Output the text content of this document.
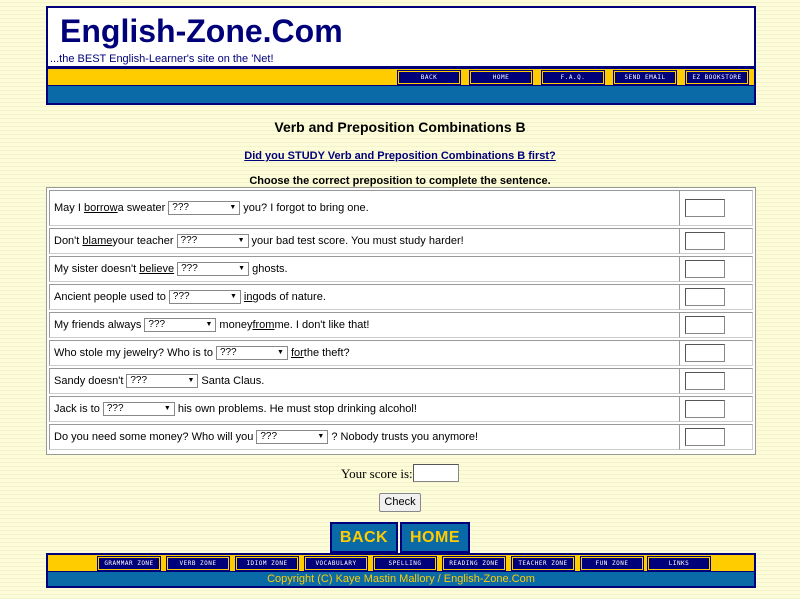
English-Zone.Com
...the BEST English-Learner's site on the 'Net!
BACK	HOME	F.A.Q.	SEND EMAIL	EZ BOOKSTORE
Verb and Preposition Combinations B
Did you STUDY Verb and Preposition Combinations B first?
Choose the correct preposition to complete the sentence.
May I
borrow a sweater ???	▼ you? I forgot to bring one.
Don't
blame your teacher ???	▼ your bad test score. You must study harder!
My sister doesn't
believe ???	▼ ghosts.
Ancient people used to ???	▼ in gods of nature.
My friends always ???	▼ money from me. I don't like that!
Who stole my jewelry? Who is to ???	▼ for the theft?
Sandy doesn't ???	▼ Santa Claus.
Jack is to ???	▼ his own problems. He must stop drinking alcohol!
Do you need some money? Who will you ???	▼ ? Nobody trusts you anymore!
Your score is:
Check
BACK	HOME
GRAMMAR ZONE	VERB ZONE	IDIOM ZONE	VOCABULARY	SPELLING	READING ZONE	TEACHER ZONE	FUN ZONE	LINKS
Copyright (C) Kaye Mastin Mallory / English-Zone.Com
